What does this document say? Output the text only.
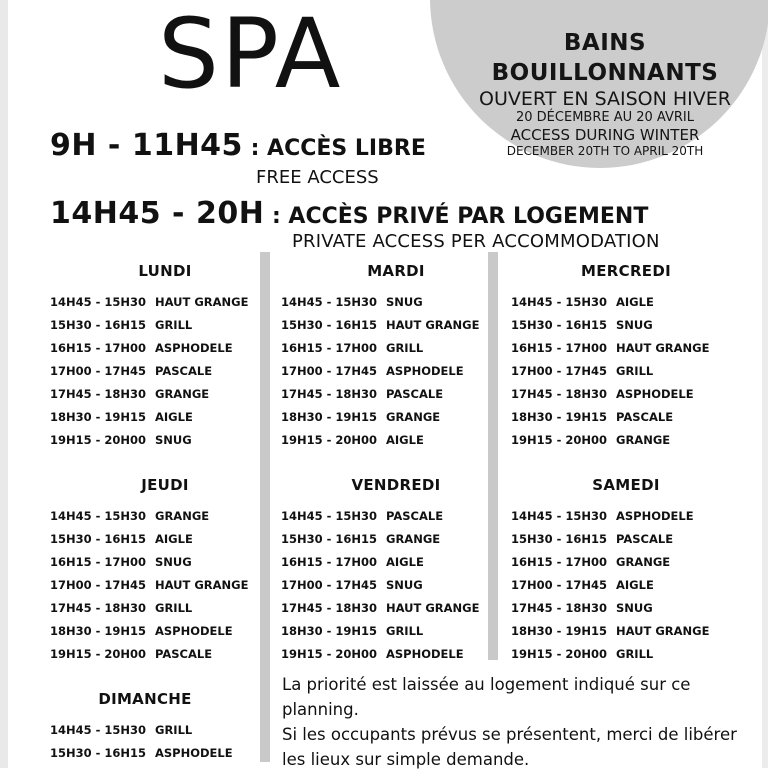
BAINS
BOUILLONNANTS
OUVERT EN SAISON HIVER
20 DÉCEMBRE AU 20 AVRIL
ACCESS DURING WINTER
DECEMBER 20TH TO APRIL 20TH
SPA
9H - 11H45 : ACCÈS LIBRE
FREE ACCESS
14H45 - 20H : ACCÈS PRIVÉ PAR LOGEMENT
PRIVATE ACCESS PER ACCOMMODATION
LUNDI
14H45 - 15H30 HAUT GRANGE
15H30 - 16H15 GRILL
16H15 - 17H00 ASPHODELE
17H00 - 17H45 PASCALE
17H45 - 18H30 GRANGE
18H30 - 19H15 AIGLE
19H15 - 20H00 SNUG
MARDI
14H45 - 15H30 SNUG
15H30 - 16H15 HAUT GRANGE
16H15 - 17H00 GRILL
17H00 - 17H45 ASPHODELE
17H45 - 18H30 PASCALE
18H30 - 19H15 GRANGE
19H15 - 20H00 AIGLE
MERCREDI
14H45 - 15H30 AIGLE
15H30 - 16H15 SNUG
16H15 - 17H00 HAUT GRANGE
17H00 - 17H45 GRILL
17H45 - 18H30 ASPHODELE
18H30 - 19H15 PASCALE
19H15 - 20H00 GRANGE
JEUDI
14H45 - 15H30 GRANGE
15H30 - 16H15 AIGLE
16H15 - 17H00 SNUG
17H00 - 17H45 HAUT GRANGE
17H45 - 18H30 GRILL
18H30 - 19H15 ASPHODELE
19H15 - 20H00 PASCALE
VENDREDI
14H45 - 15H30 PASCALE
15H30 - 16H15 GRANGE
16H15 - 17H00 AIGLE
17H00 - 17H45 SNUG
17H45 - 18H30 HAUT GRANGE
18H30 - 19H15 GRILL
19H15 - 20H00 ASPHODELE
SAMEDI
14H45 - 15H30 ASPHODELE
15H30 - 16H15 PASCALE
16H15 - 17H00 GRANGE
17H00 - 17H45 AIGLE
17H45 - 18H30 SNUG
18H30 - 19H15 HAUT GRANGE
19H15 - 20H00 GRILL
DIMANCHE
14H45 - 15H30 GRILL
15H30 - 16H15 ASPHODELE
La priorité est laissée au logement indiqué sur ce planning.
Si les occupants prévus se présentent, merci de libérer les lieux sur simple demande.
